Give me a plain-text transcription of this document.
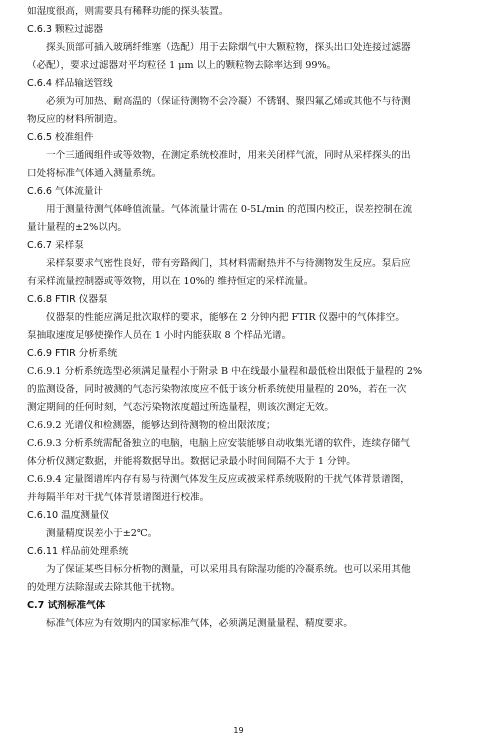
如湿度很高，则需要具有稀释功能的探头装置。

C.6.3 颗粒过滤器

探头顶部可插入玻璃纤维塞（选配）用于去除烟气中大颗粒物，探头出口处连接过滤器

（必配），要求过滤器对平均粒径 1 μm 以上的颗粒物去除率达到 99%。

C.6.4 样品输送管线

必须为可加热、耐高温的（保证待测物不会冷凝）不锈钢、聚四氟乙烯或其他不与待测

物反应的材料所制造。

C.6.5 校准组件

一个三通阀组件或等效物，在测定系统校准时，用来关闭样气流，同时从采样探头的出

口处将标准气体通入测量系统。

C.6.6 气体流量计

用于测量待测气体峰值流量。气体流量计需在 0-5L/min 的范围内校正，误差控制在流

量计量程的±2%以内。

C.6.7 采样泵

采样泵要求气密性良好，带有旁路阀门，其材料需耐热并不与待测物发生反应。泵后应

有采样流量控制器或等效物，用以在 10%的 维持恒定的采样流量。

C.6.8 FTIR 仪器泵

仪器泵的性能应满足批次取样的要求，能够在 2 分钟内把 FTIR 仪器中的气体排空。

泵抽取速度足够使操作人员在 1 小时内能获取 8 个样品光谱。

C.6.9 FTIR 分析系统

C.6.9.1 分析系统选型必须满足量程小于附录 B 中在线最小量程和最低检出限低于量程的 2%

的监测设备，同时被测的气态污染物浓度应不低于该分析系统使用量程的 20%，若在一次

测定期间的任何时刻，气态污染物浓度超过所选量程，则该次测定无效。

C.6.9.2 光谱仪和检测器，能够达到待测物的检出限浓度；

C.6.9.3 分析系统需配备独立的电脑，电脑上应安装能够自动收集光谱的软件，连续存储气

体分析仪测定数据，并能将数据导出。数据记录最小时间间隔不大于 1 分钟。

C.6.9.4 定量图谱库内存有易与待测气体发生反应或被采样系统吸附的干扰气体背景谱图，

并每隔半年对干扰气体背景谱图进行校准。

C.6.10 温度测量仪

测量精度误差小于±2℃。

C.6.11 样品前处理系统

为了保证某些目标分析物的测量，可以采用具有除湿功能的冷凝系统。也可以采用其他

的处理方法除湿或去除其他干扰物。

C.7 试剂标准气体

标准气体应为有效期内的国家标准气体，必须满足测量量程、精度要求。

19
